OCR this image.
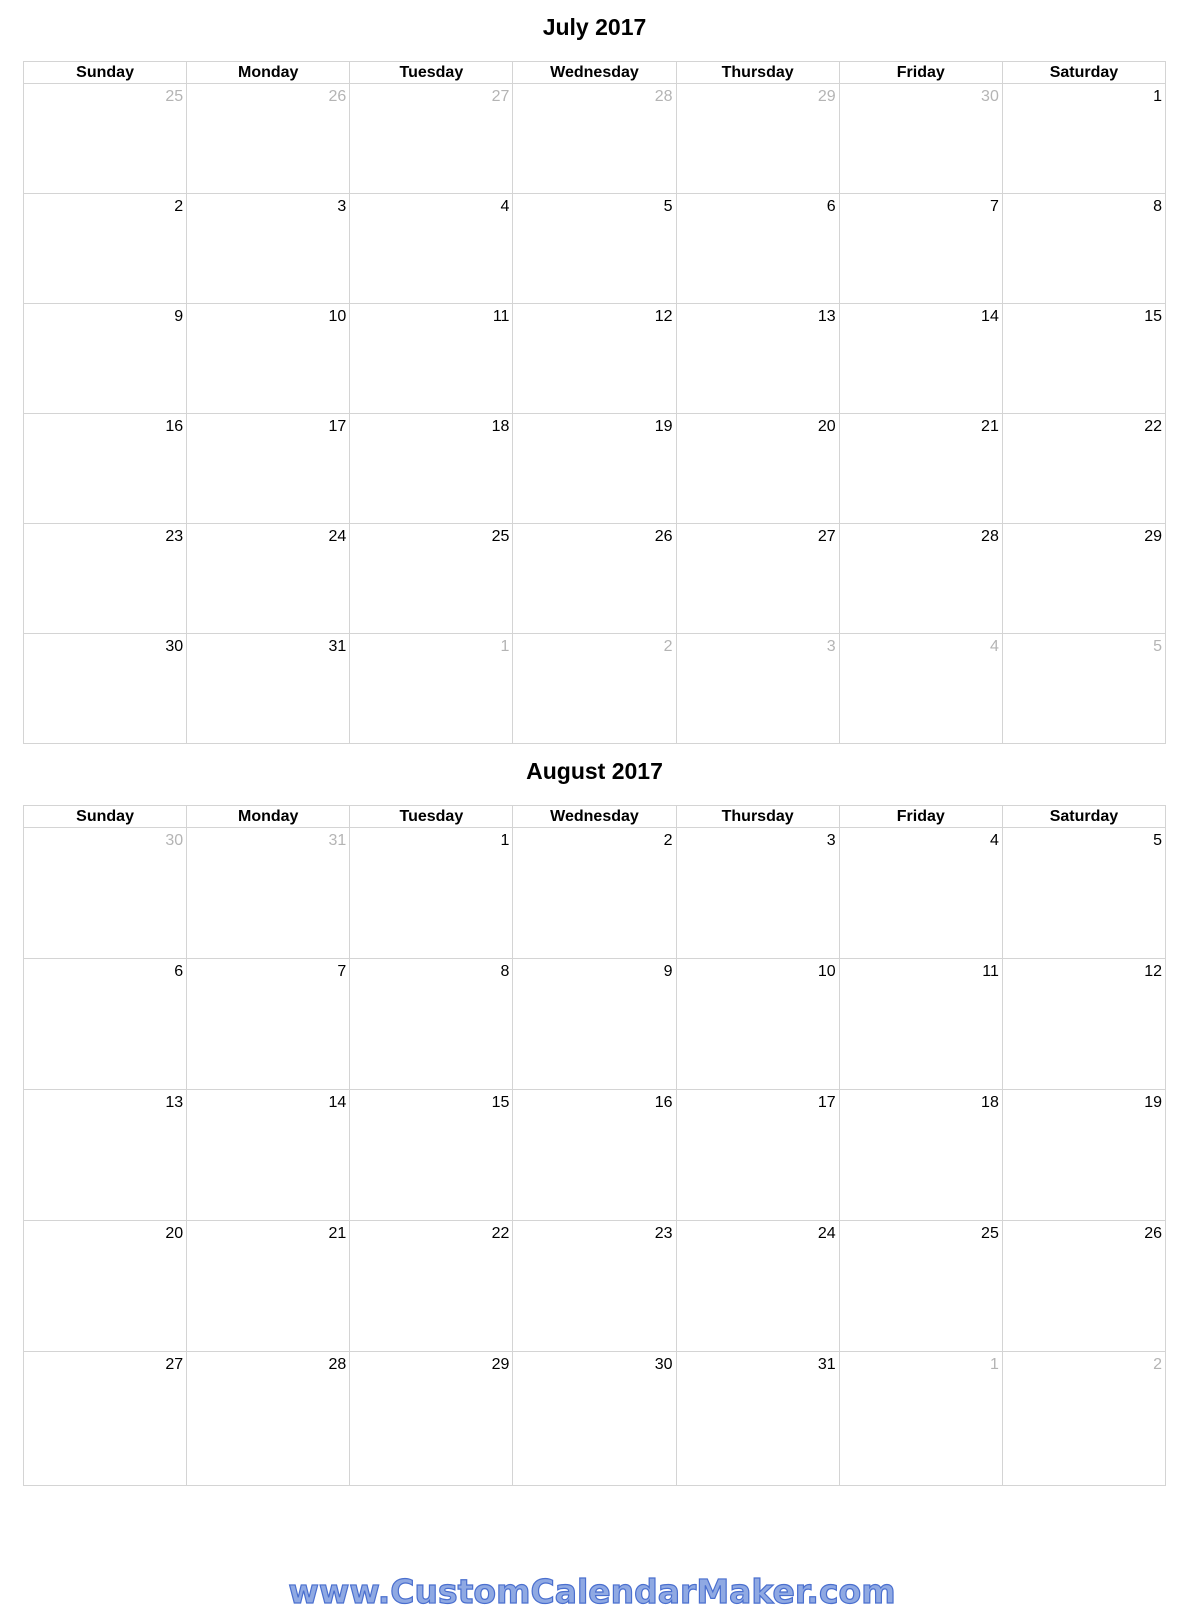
July 2017
Sunday	Monday	Tuesday	Wednesday	Thursday	Friday	Saturday

25	26	27	28	29	30	1

2	3	4	5	6	7	8

9	10	11	12	13	14	15

16	17	18	19	20	21	22

23	24	25	26	27	28	29

30	31	1	2	3	4	5
August 2017
Sunday	Monday	Tuesday	Wednesday	Thursday	Friday	Saturday

30	31	1	2	3	4	5

6	7	8	9	10	11	12

13	14	15	16	17	18	19

20	21	22	23	24	25	26

27	28	29	30	31	1	2
www.CustomCalendarMaker.com
